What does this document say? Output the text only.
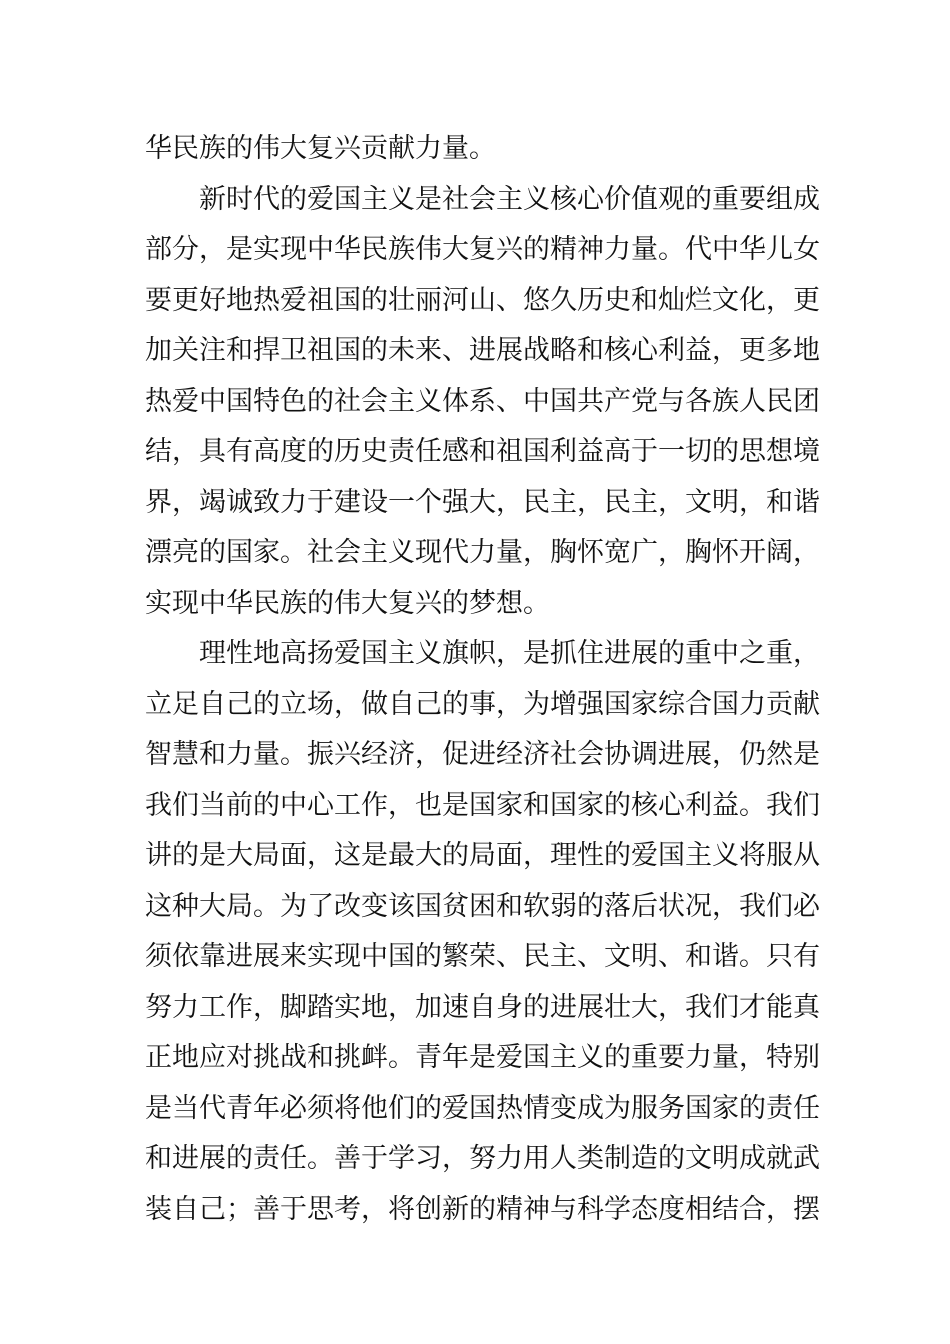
华民族的伟大复兴贡献力量。
新时代的爱国主义是社会主义核心价值观的重要组成
部分，是实现中华民族伟大复兴的精神力量。代中华儿女
要更好地热爱祖国的壮丽河山、悠久历史和灿烂文化，更
加关注和捍卫祖国的未来、进展战略和核心利益，更多地
热爱中国特色的社会主义体系、中国共产党与各族人民团
结，具有高度的历史责任感和祖国利益高于一切的思想境
界，竭诚致力于建设一个强大，民主，民主，文明，和谐
漂亮的国家。社会主义现代力量，胸怀宽广，胸怀开阔，
实现中华民族的伟大复兴的梦想。
理性地高扬爱国主义旗帜，是抓住进展的重中之重，
立足自己的立场，做自己的事，为增强国家综合国力贡献
智慧和力量。振兴经济，促进经济社会协调进展，仍然是
我们当前的中心工作，也是国家和国家的核心利益。我们
讲的是大局面，这是最大的局面，理性的爱国主义将服从
这种大局。为了改变该国贫困和软弱的落后状况，我们必
须依靠进展来实现中国的繁荣、民主、文明、和谐。只有
努力工作，脚踏实地，加速自身的进展壮大，我们才能真
正地应对挑战和挑衅。青年是爱国主义的重要力量，特别
是当代青年必须将他们的爱国热情变成为服务国家的责任
和进展的责任。善于学习，努力用人类制造的文明成就武
装自己；善于思考，将创新的精神与科学态度相结合，摆
